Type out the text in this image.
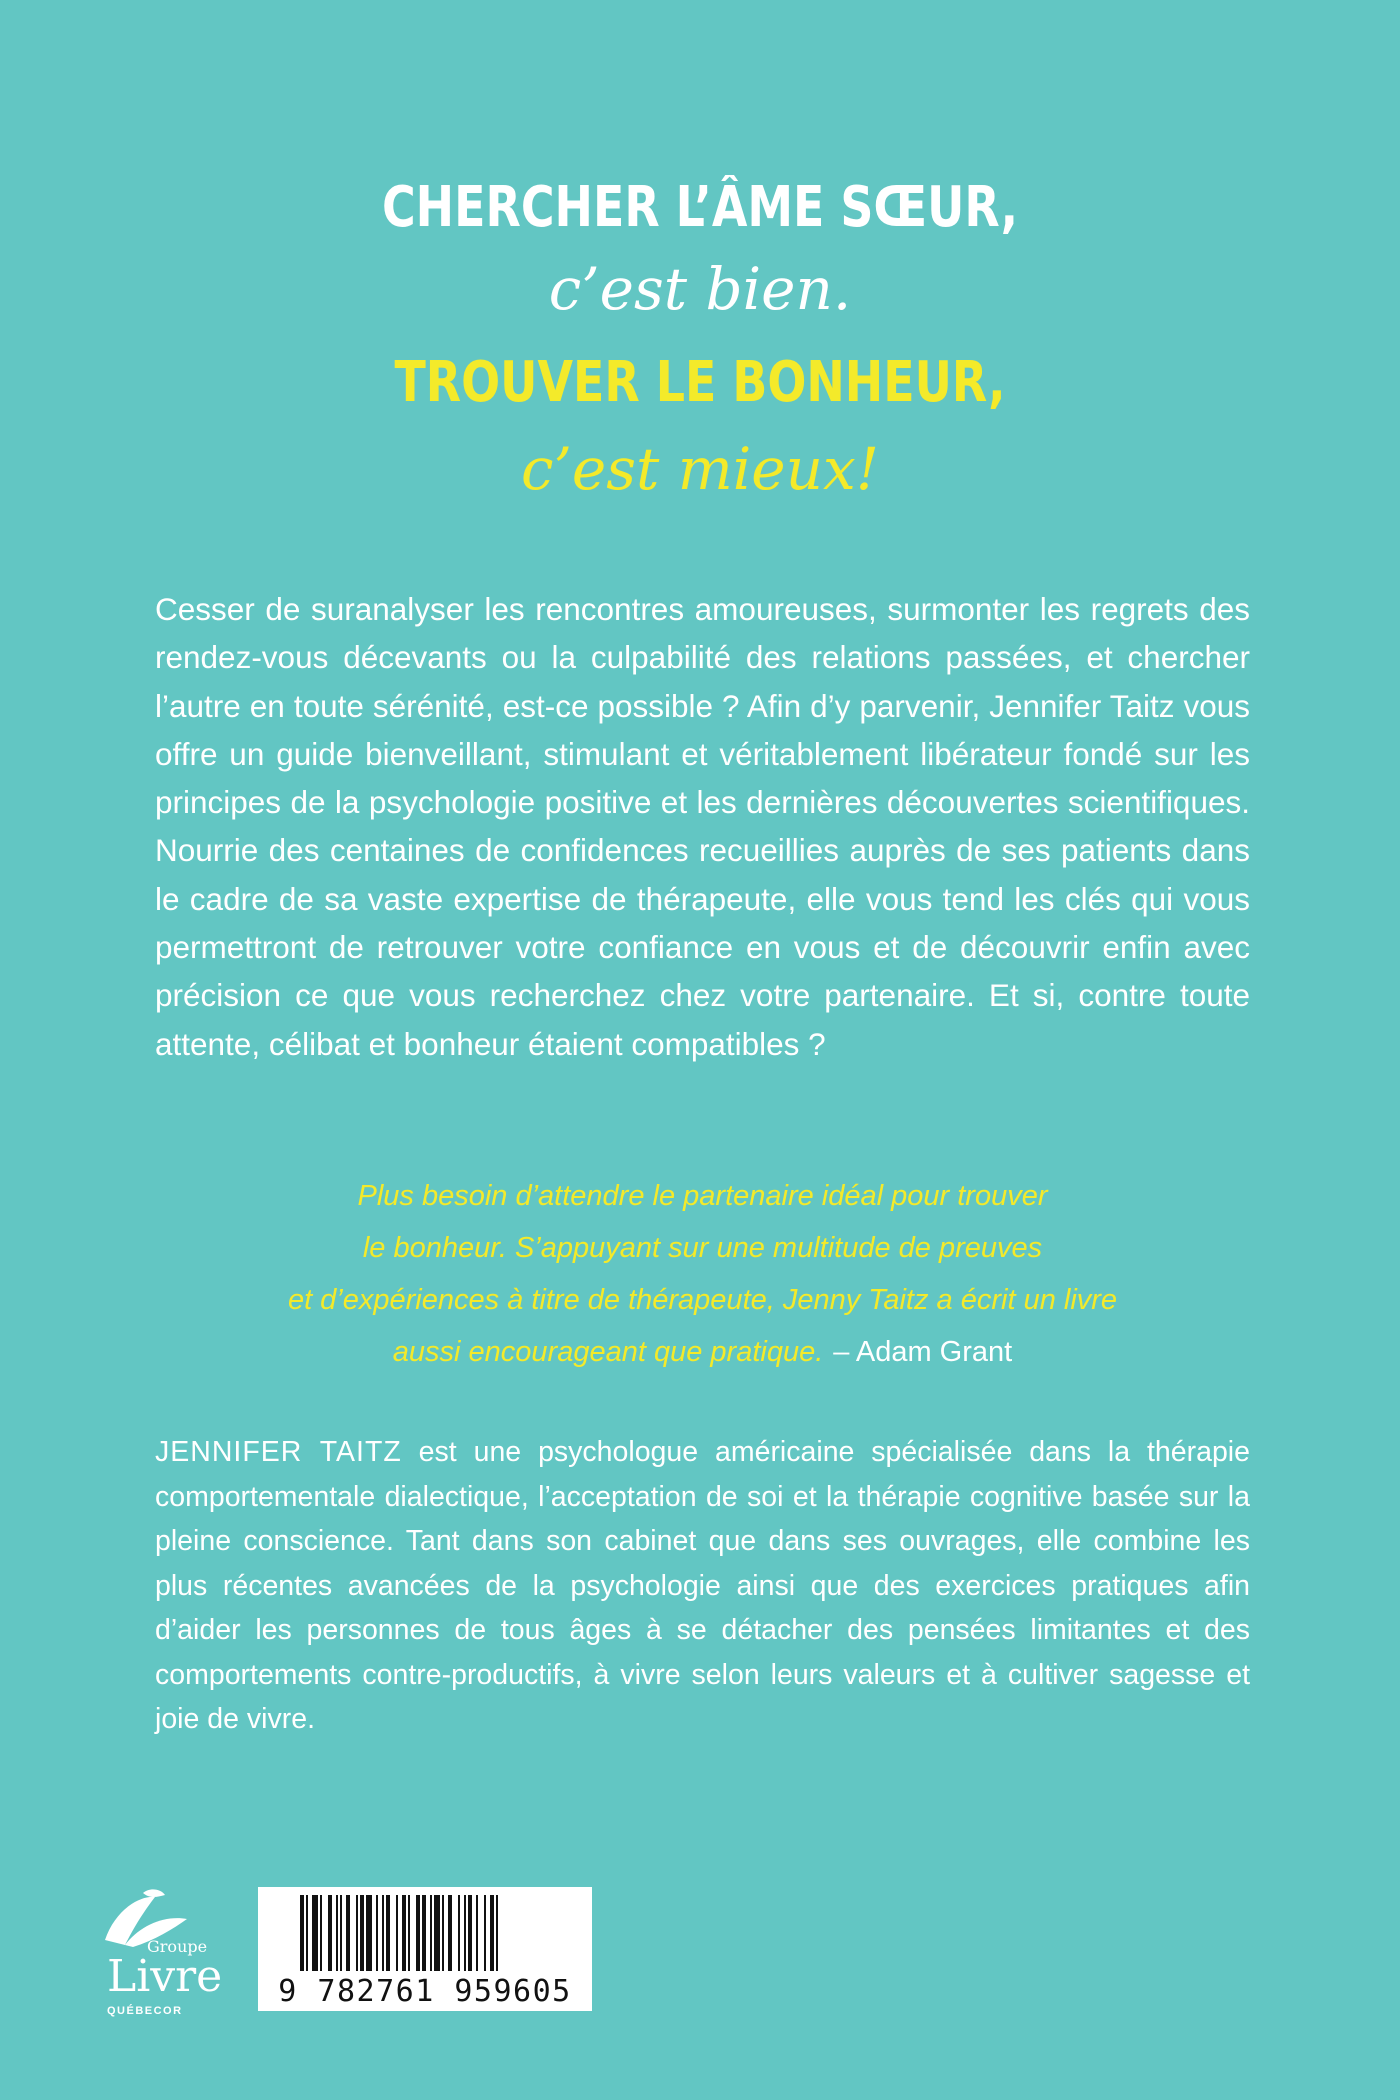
CHERCHER L’ÂME SŒUR,

c’est bien.

TROUVER LE BONHEUR,

c’est mieux!

Cesser de suranalyser les rencontres amoureuses, surmonter les regrets des rendez-vous décevants ou la culpabilité des relations passées, et chercher l’autre en toute sérénité, est-ce possible ? Afin d’y parvenir, Jennifer Taitz vous offre un guide bienveillant, stimulant et véritablement libérateur fondé sur les principes de la psychologie positive et les dernières découvertes scientifiques. Nourrie des centaines de confidences recueillies auprès de ses patients dans le cadre de sa vaste expertise de thérapeute, elle vous tend les clés qui vous permettront de retrouver votre confiance en vous et de découvrir enfin avec précision ce que vous recherchez chez votre partenaire. Et si, contre toute attente, célibat et bonheur étaient compatibles ?

Plus besoin d’attendre le partenaire idéal pour trouver
le bonheur. S’appuyant sur une multitude de preuves
et d’expériences à titre de thérapeute, Jenny Taitz a écrit un livre
aussi encourageant que pratique. – Adam Grant

JENNIFER TAITZ est une psychologue américaine spécialisée dans la thérapie comportementale dialectique, l’acceptation de soi et la thérapie cognitive basée sur la pleine conscience. Tant dans son cabinet que dans ses ouvrages, elle combine les plus récentes avancées de la psychologie ainsi que des exercices pratiques afin d’aider les personnes de tous âges à se détacher des pensées limitantes et des comportements contre-productifs, à vivre selon leurs valeurs et à cultiver sagesse et joie de vivre.

Groupe
Livre
QUÉBECOR
9 782761 959605
